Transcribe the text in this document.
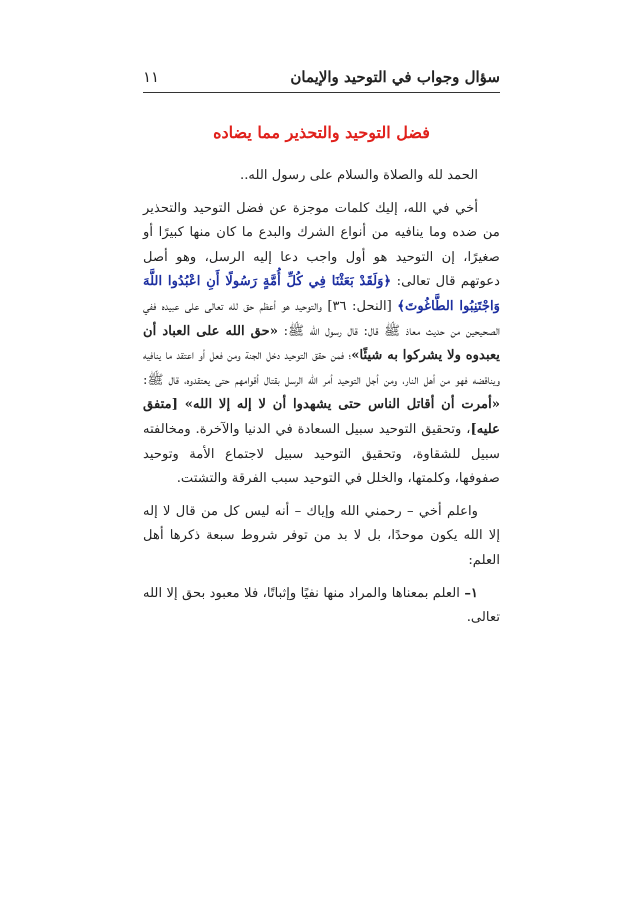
سؤال وجواب في التوحيد والإيمان
١١
فضل التوحيد والتحذير مما يضاده

الحمد لله والصلاة والسلام على رسول الله..

أخي في الله، إليك كلمات موجزة عن فضل التوحيد والتحذير من ضده وما ينافيه من أنواع الشرك والبدع ما كان منها كبيرًا أو صغيرًا، إن التوحيد هو أول واجب دعا إليه الرسل، وهو أصل دعوتهم قال تعالى: ﴿وَلَقَدْ بَعَثْنَا فِي كُلِّ أُمَّةٍ رَسُولًا أَنِ اعْبُدُوا اللَّهَ وَاجْتَنِبُوا الطَّاغُوتَ﴾ [النحل: ٣٦] والتوحيد هو أعظم حق لله تعالى على عبيده ففي الصحيحين من حديث معاذ ﷺ قال: قال رسول الله ﷺ: «حق الله على العباد أن يعبدوه ولا يشركوا به شيئًا»؛ فمن حقق التوحيد دخل الجنة ومن فعل أو اعتقد ما ينافيه ويناقضه فهو من أهل النار، ومن أجل التوحيد أمر الله الرسل بقتال أقوامهم حتى يعتقدوه، قال ﷺ: «أمرت أن أقاتل الناس حتى يشهدوا أن لا إله إلا الله» [متفق عليه]، وتحقيق التوحيد سبيل السعادة في الدنيا والآخرة. ومخالفته سبيل للشقاوة، وتحقيق التوحيد سبيل لاجتماع الأمة وتوحيد صفوفها، وكلمتها، والخلل في التوحيد سبب الفرقة والتشتت.

واعلم أخي – رحمني الله وإياك – أنه ليس كل من قال لا إله إلا الله يكون موحدًا، بل لا بد من توفر شروط سبعة ذكرها أهل العلم:

١– العلم بمعناها والمراد منها نفيًا وإثباتًا، فلا معبود بحق إلا الله تعالى.
